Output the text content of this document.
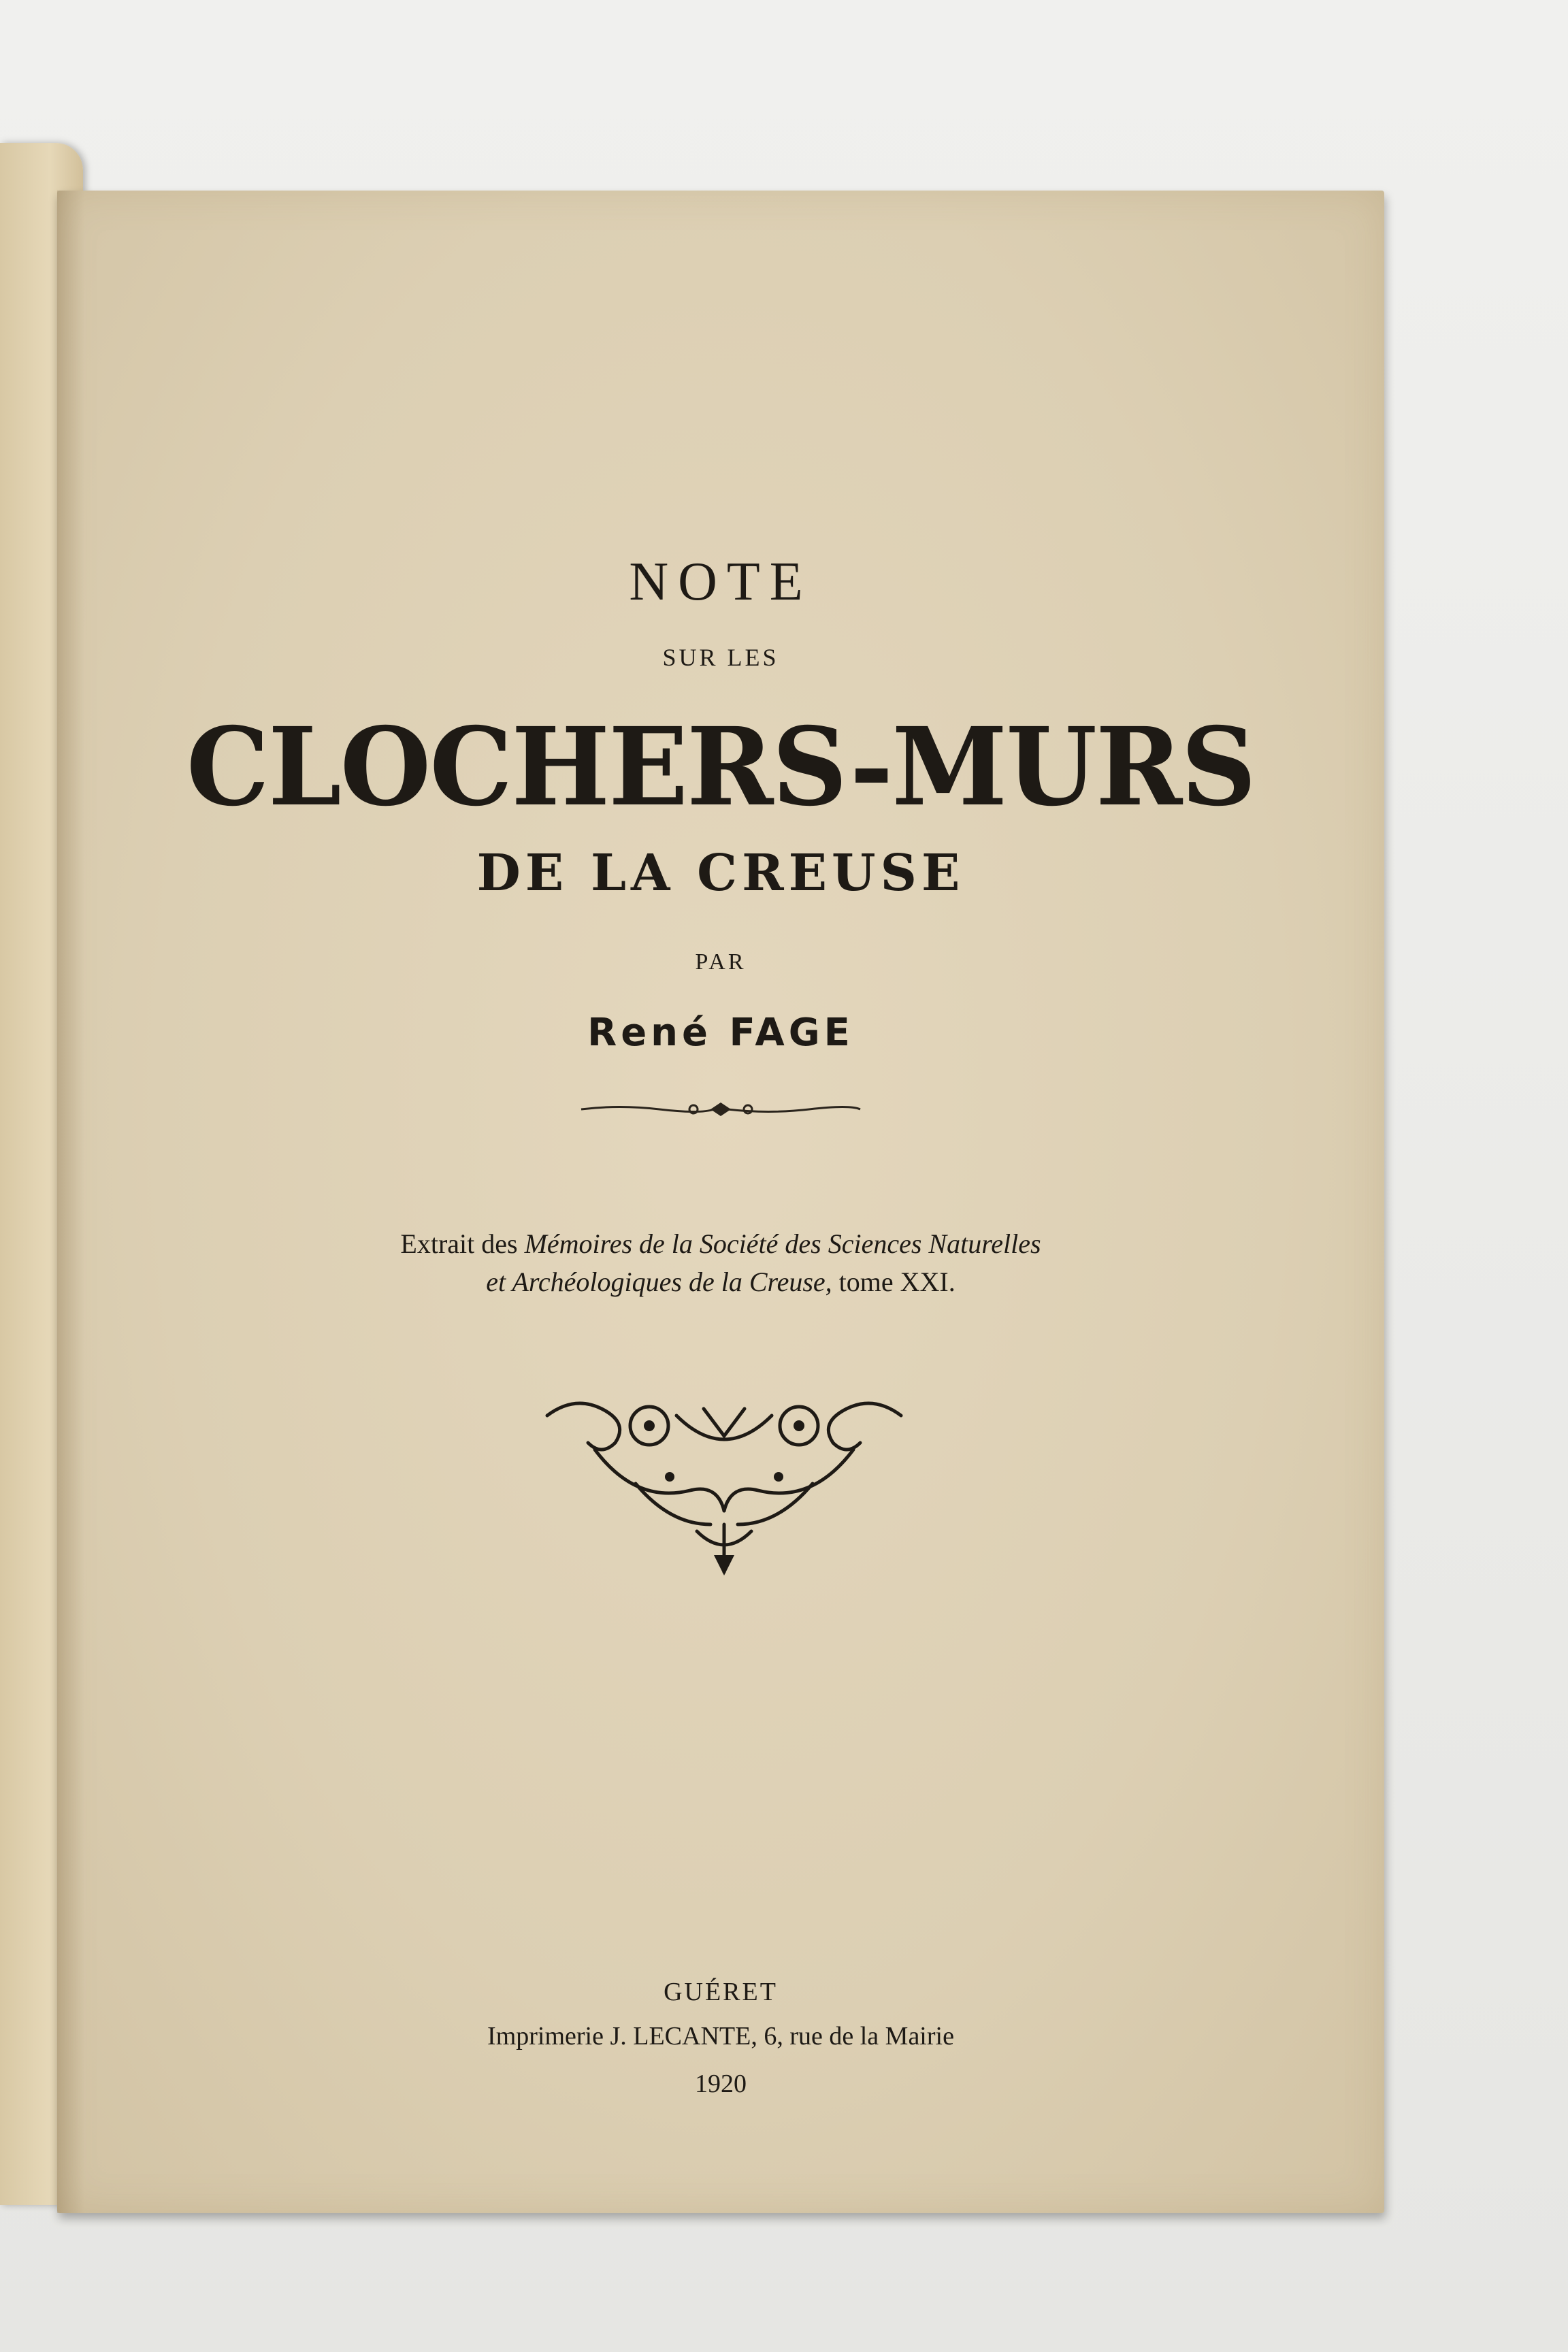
NOTE
SUR LES
CLOCHERS-MURS
DE LA CREUSE
PAR
René FAGE
Extrait des Mémoires de la Société des Sciences Naturelles
et Archéologiques de la Creuse, tome XXI.
GUÉRET
Imprimerie J. LECANTE, 6, rue de la Mairie
1920
